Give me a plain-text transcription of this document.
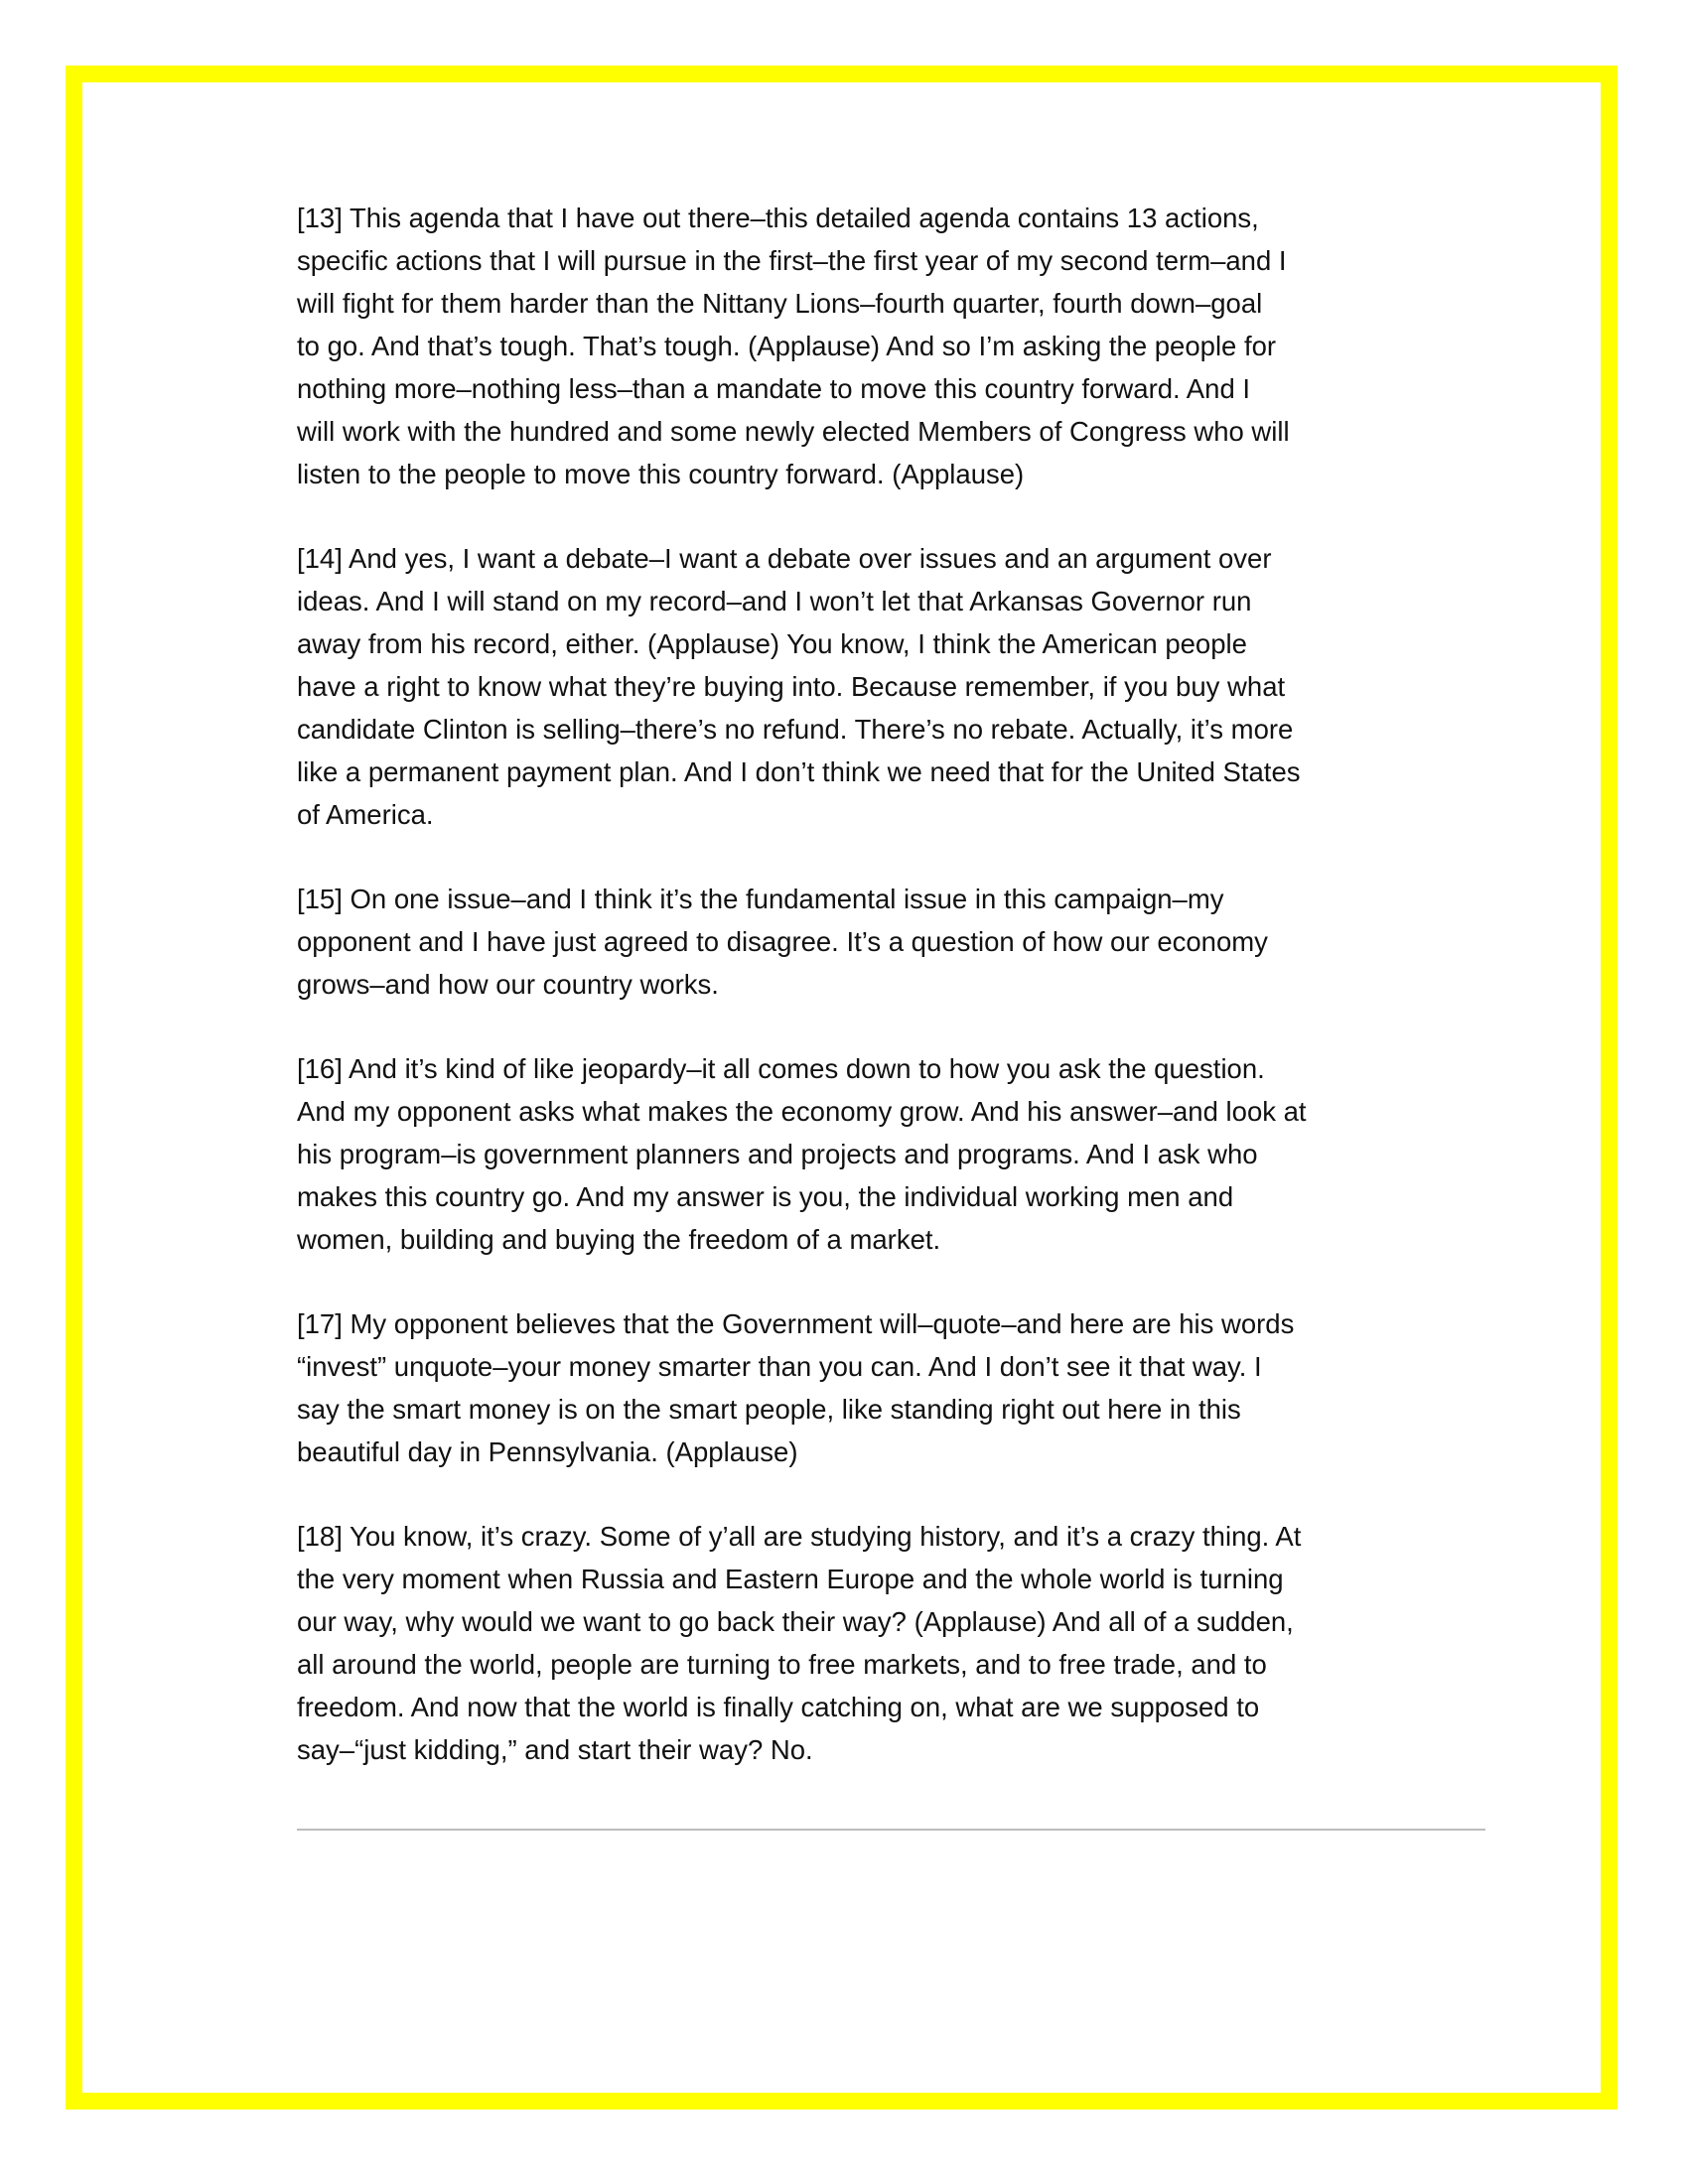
[13] This agenda that I have out there–this detailed agenda contains 13 actions,
specific actions that I will pursue in the first–the first year of my second term–and I
will fight for them harder than the Nittany Lions–fourth quarter, fourth down–goal
to go. And that’s tough. That’s tough. (Applause) And so I’m asking the people for
nothing more–nothing less–than a mandate to move this country forward. And I
will work with the hundred and some newly elected Members of Congress who will
listen to the people to move this country forward. (Applause)
[14] And yes, I want a debate–I want a debate over issues and an argument over
ideas. And I will stand on my record–and I won’t let that Arkansas Governor run
away from his record, either. (Applause) You know, I think the American people
have a right to know what they’re buying into. Because remember, if you buy what
candidate Clinton is selling–there’s no refund. There’s no rebate. Actually, it’s more
like a permanent payment plan. And I don’t think we need that for the United States
of America.
[15] On one issue–and I think it’s the fundamental issue in this campaign–my
opponent and I have just agreed to disagree. It’s a question of how our economy
grows–and how our country works.
[16] And it’s kind of like jeopardy–it all comes down to how you ask the question.
And my opponent asks what makes the economy grow. And his answer–and look at
his program–is government planners and projects and programs. And I ask who
makes this country go. And my answer is you, the individual working men and
women, building and buying the freedom of a market.
[17] My opponent believes that the Government will–quote–and here are his words
“invest” unquote–your money smarter than you can. And I don’t see it that way. I
say the smart money is on the smart people, like standing right out here in this
beautiful day in Pennsylvania. (Applause)
[18] You know, it’s crazy. Some of y’all are studying history, and it’s a crazy thing. At
the very moment when Russia and Eastern Europe and the whole world is turning
our way, why would we want to go back their way? (Applause) And all of a sudden,
all around the world, people are turning to free markets, and to free trade, and to
freedom. And now that the world is finally catching on, what are we supposed to
say–“just kidding,” and start their way? No.
